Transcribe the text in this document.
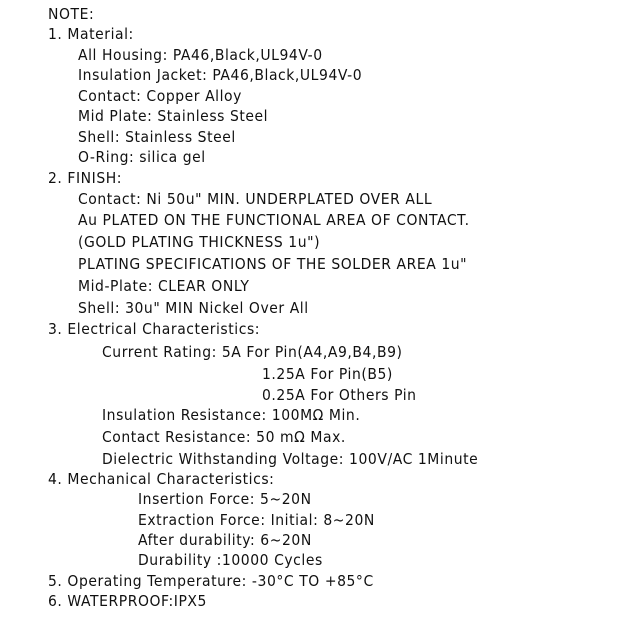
NOTE:
1. Material:
All Housing: PA46,Black,UL94V-0
Insulation Jacket: PA46,Black,UL94V-0
Contact: Copper Alloy
Mid Plate: Stainless Steel
Shell: Stainless Steel
O-Ring: silica gel
2. FINISH:
Contact: Ni 50u" MIN. UNDERPLATED OVER ALL
Au PLATED ON THE FUNCTIONAL AREA OF CONTACT.
(GOLD PLATING THICKNESS 1u")
PLATING SPECIFICATIONS OF THE SOLDER AREA 1u"
Mid-Plate: CLEAR ONLY
Shell: 30u" MIN Nickel Over All
3. Electrical Characteristics:
Current Rating: 5A For Pin(A4,A9,B4,B9)
1.25A For Pin(B5)
0.25A For Others Pin
Insulation Resistance: 100MΩ Min.
Contact Resistance: 50 mΩ Max.
Dielectric Withstanding Voltage: 100V/AC 1Minute
4. Mechanical Characteristics:
Insertion Force: 5~20N
Extraction Force: Initial: 8~20N
After durability: 6~20N
Durability :10000 Cycles
5. Operating Temperature: -30°C TO +85°C
6. WATERPROOF:IPX5
